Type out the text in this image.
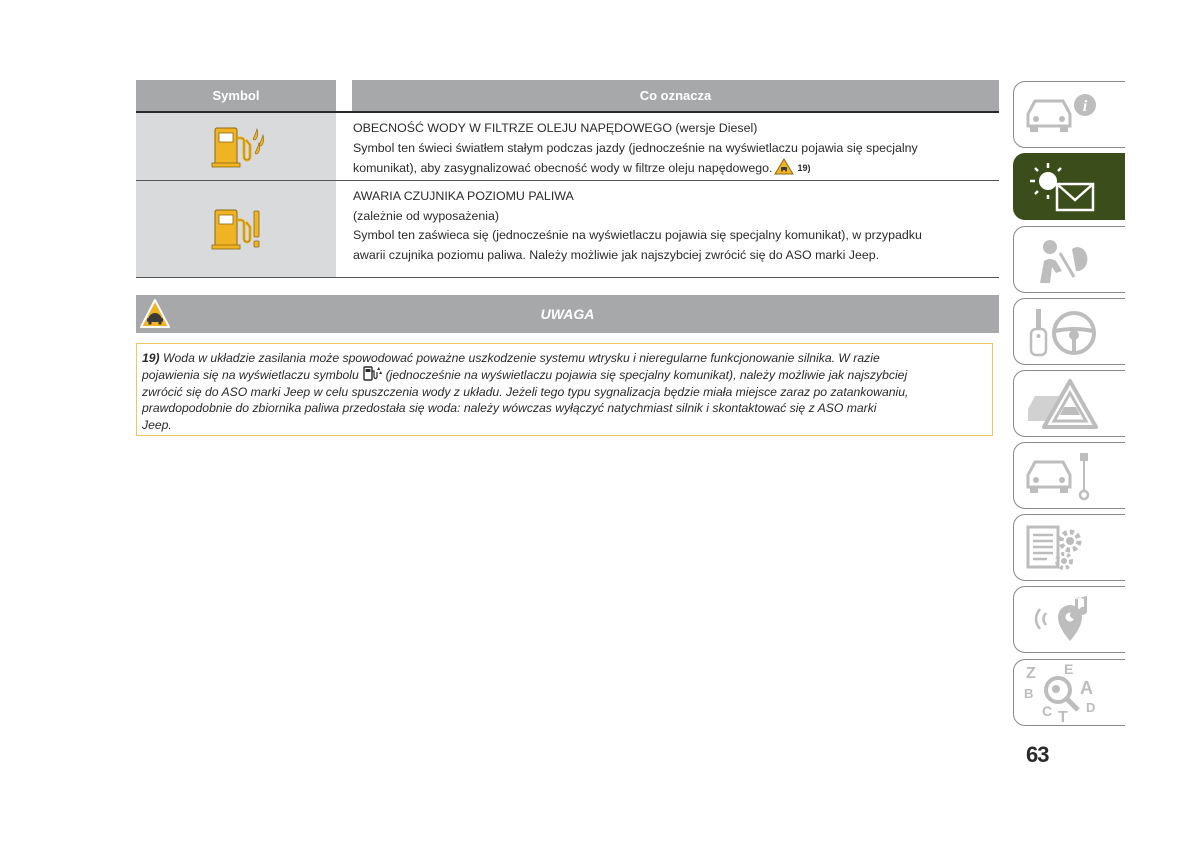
Symbol	Co oznacza
OBECNOŚĆ WODY W FILTRZE OLEJU NAPĘDOWEGO (wersje Diesel)
Symbol ten świeci światłem stałym podczas jazdy (jednocześnie na wyświetlaczu pojawia się specjalny
komunikat), aby zasygnalizować obecność wody w filtrze oleju napędowego.	19)
AWARIA CZUJNIKA POZIOMU PALIWA
(zależnie od wyposażenia)
Symbol ten zaświeca się (jednocześnie na wyświetlaczu pojawia się specjalny komunikat), w przypadku
awarii czujnika poziomu paliwa. Należy możliwie jak najszybciej zwrócić się do ASO marki Jeep.
UWAGA
19) Woda w układzie zasilania może spowodować poważne uszkodzenie systemu wtrysku i nieregularne funkcjonowanie silnika. W razie
pojawienia się na wyświetlaczu symbolu (jednocześnie na wyświetlaczu pojawia się specjalny komunikat), należy możliwie jak najszybciej
zwrócić się do ASO marki Jeep w celu spuszczenia wody z układu. Jeżeli tego typu sygnalizacja będzie miała miejsce zaraz po zatankowaniu,
prawdopodobnie do zbiornika paliwa przedostała się woda: należy wówczas wyłączyć natychmiast silnik i skontaktować się z ASO marki
Jeep.
i
Z E
B	A
C T
D
63
